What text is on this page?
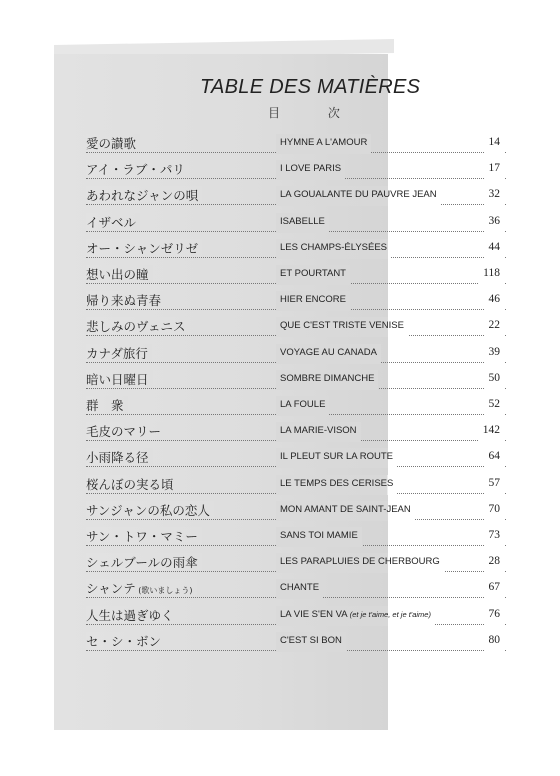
TABLE DES MATIÈRES
目 次
愛の讃歌	HYMNE A L'AMOUR	14
アイ・ラブ・パリ	I LOVE PARIS	17
あわれなジャンの唄	LA GOUALANTE DU PAUVRE JEAN	32
イザベル	ISABELLE	36
オー・シャンゼリゼ	LES CHAMPS-ÉLYSÉES	44
想い出の瞳	ET POURTANT	118
帰り来ぬ青春	HIER ENCORE	46
悲しみのヴェニス	QUE C'EST TRISTE VENISE	22
カナダ旅行	VOYAGE AU CANADA	39
暗い日曜日	SOMBRE DIMANCHE	50
群　衆	LA FOULE	52
毛皮のマリー	LA MARIE-VISON	142
小雨降る径	IL PLEUT SUR LA ROUTE	64
桜んぼの実る頃	LE TEMPS DES CERISES	57
サンジャンの私の恋人	MON AMANT DE SAINT-JEAN	70
サン・トワ・マミー	SANS TOI MAMIE	73
シェルブールの雨傘	LES PARAPLUIES DE CHERBOURG	28
シャンテ (歌いましょう)	CHANTE	67
人生は過ぎゆく	LA VIE S'EN VA (et je t'aime, et je t'aime)	76
セ・シ・ボン	C'EST SI BON	80
